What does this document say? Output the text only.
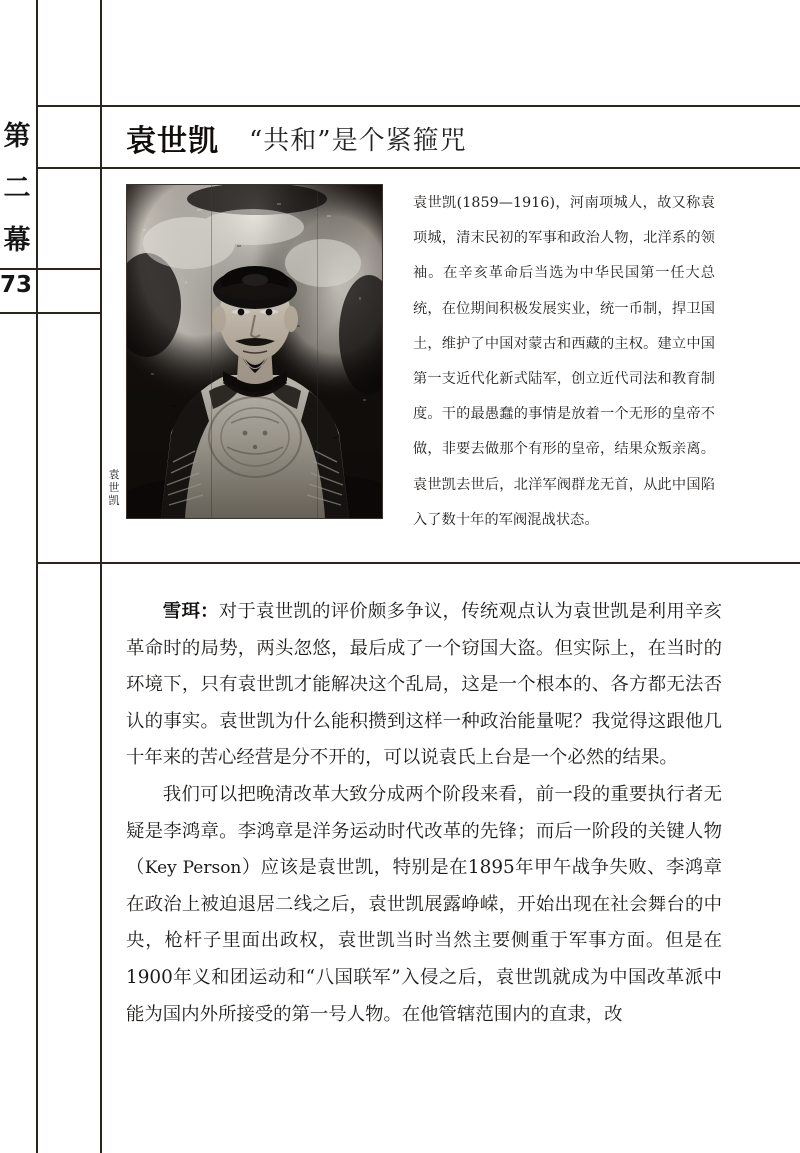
第
二
幕
73
袁世凯 “共和”是个紧箍咒
袁
世
凯

袁世凯(1859—1916)，河南项城人，故又称袁项城，清末民初的军事和政治人物，北洋系的领袖。在辛亥革命后当选为中华民国第一任大总统，在位期间积极发展实业，统一币制，捍卫国土，维护了中国对蒙古和西藏的主权。建立中国第一支近代化新式陆军，创立近代司法和教育制度。干的最愚蠢的事情是放着一个无形的皇帝不做，非要去做那个有形的皇帝，结果众叛亲离。袁世凯去世后，北洋军阀群龙无首，从此中国陷入了数十年的军阀混战状态。

雪珥：对于袁世凯的评价颇多争议，传统观点认为袁世凯是利用辛亥革命时的局势，两头忽悠，最后成了一个窃国大盗。但实际上，在当时的环境下，只有袁世凯才能解决这个乱局，这是一个根本的、各方都无法否认的事实。袁世凯为什么能积攒到这样一种政治能量呢？我觉得这跟他几十年来的苦心经营是分不开的，可以说袁氏上台是一个必然的结果。

我们可以把晚清改革大致分成两个阶段来看，前一段的重要执行者无疑是李鸿章。李鸿章是洋务运动时代改革的先锋；而后一阶段的关键人物（Key Person）应该是袁世凯，特别是在1895年甲午战争失败、李鸿章在政治上被迫退居二线之后，袁世凯展露峥嵘，开始出现在社会舞台的中央，枪杆子里面出政权，袁世凯当时当然主要侧重于军事方面。但是在1900年义和团运动和“八国联军”入侵之后，袁世凯就成为中国改革派中能为国内外所接受的第一号人物。在他管辖范围内的直隶，改
